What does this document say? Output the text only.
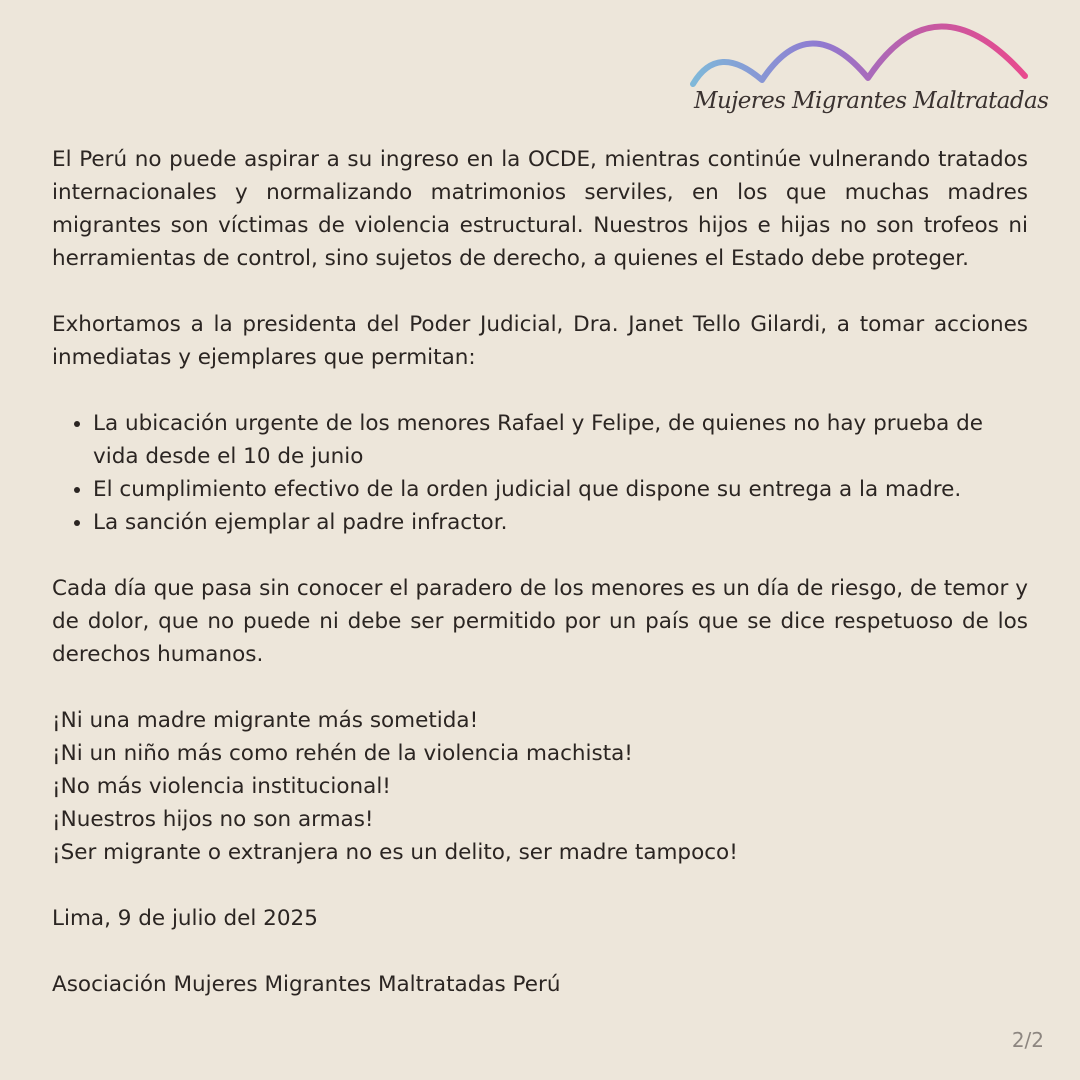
Mujeres Migrantes Maltratadas

El Perú no puede aspirar a su ingreso en la OCDE, mientras continúe vulnerando tratados internacionales y normalizando matrimonios serviles, en los que muchas madres migrantes son víctimas de violencia estructural. Nuestros hijos e hijas no son trofeos ni herramientas de control, sino sujetos de derecho, a quienes el Estado debe proteger.

Exhortamos a la presidenta del Poder Judicial, Dra. Janet Tello Gilardi, a tomar acciones inmediatas y ejemplares que permitan:

• La ubicación urgente de los menores Rafael y Felipe, de quienes no hay prueba de vida desde el 10 de junio
• El cumplimiento efectivo de la orden judicial que dispone su entrega a la madre.
• La sanción ejemplar al padre infractor.

Cada día que pasa sin conocer el paradero de los menores es un día de riesgo, de temor y de dolor, que no puede ni debe ser permitido por un país que se dice respetuoso de los derechos humanos.

¡Ni una madre migrante más sometida!
¡Ni un niño más como rehén de la violencia machista!
¡No más violencia institucional!
¡Nuestros hijos no son armas!
¡Ser migrante o extranjera no es un delito, ser madre tampoco!

Lima, 9 de julio del 2025

Asociación Mujeres Migrantes Maltratadas Perú

2/2
